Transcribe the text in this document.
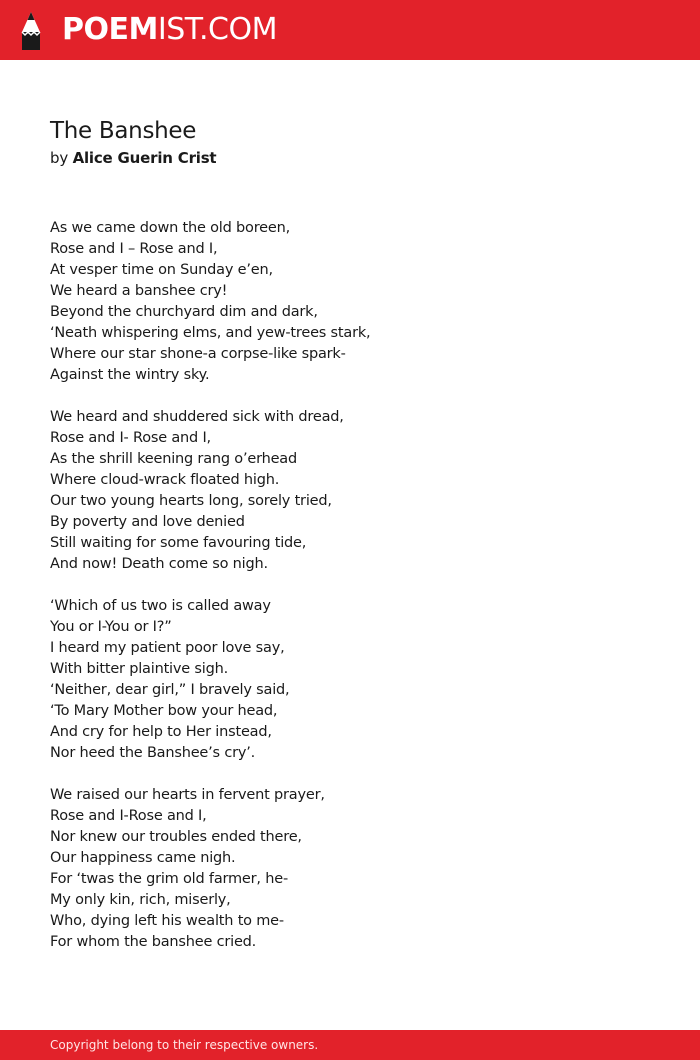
POEMIST.COM
The Banshee
by Alice Guerin Crist
As we came down the old boreen,
Rose and I – Rose and I,
At vesper time on Sunday e’en,
We heard a banshee cry!
Beyond the churchyard dim and dark,
‘Neath whispering elms, and yew-trees stark,
Where our star shone-a corpse-like spark-
Against the wintry sky.
We heard and shuddered sick with dread,
Rose and I- Rose and I,
As the shrill keening rang o’erhead
Where cloud-wrack floated high.
Our two young hearts long, sorely tried,
By poverty and love denied
Still waiting for some favouring tide,
And now! Death come so nigh.
‘Which of us two is called away
You or I-You or I?”
I heard my patient poor love say,
With bitter plaintive sigh.
‘Neither, dear girl,” I bravely said,
‘To Mary Mother bow your head,
And cry for help to Her instead,
Nor heed the Banshee’s cry’.
We raised our hearts in fervent prayer,
Rose and I-Rose and I,
Nor knew our troubles ended there,
Our happiness came nigh.
For ‘twas the grim old farmer, he-
My only kin, rich, miserly,
Who, dying left his wealth to me-
For whom the banshee cried.
Copyright belong to their respective owners.
